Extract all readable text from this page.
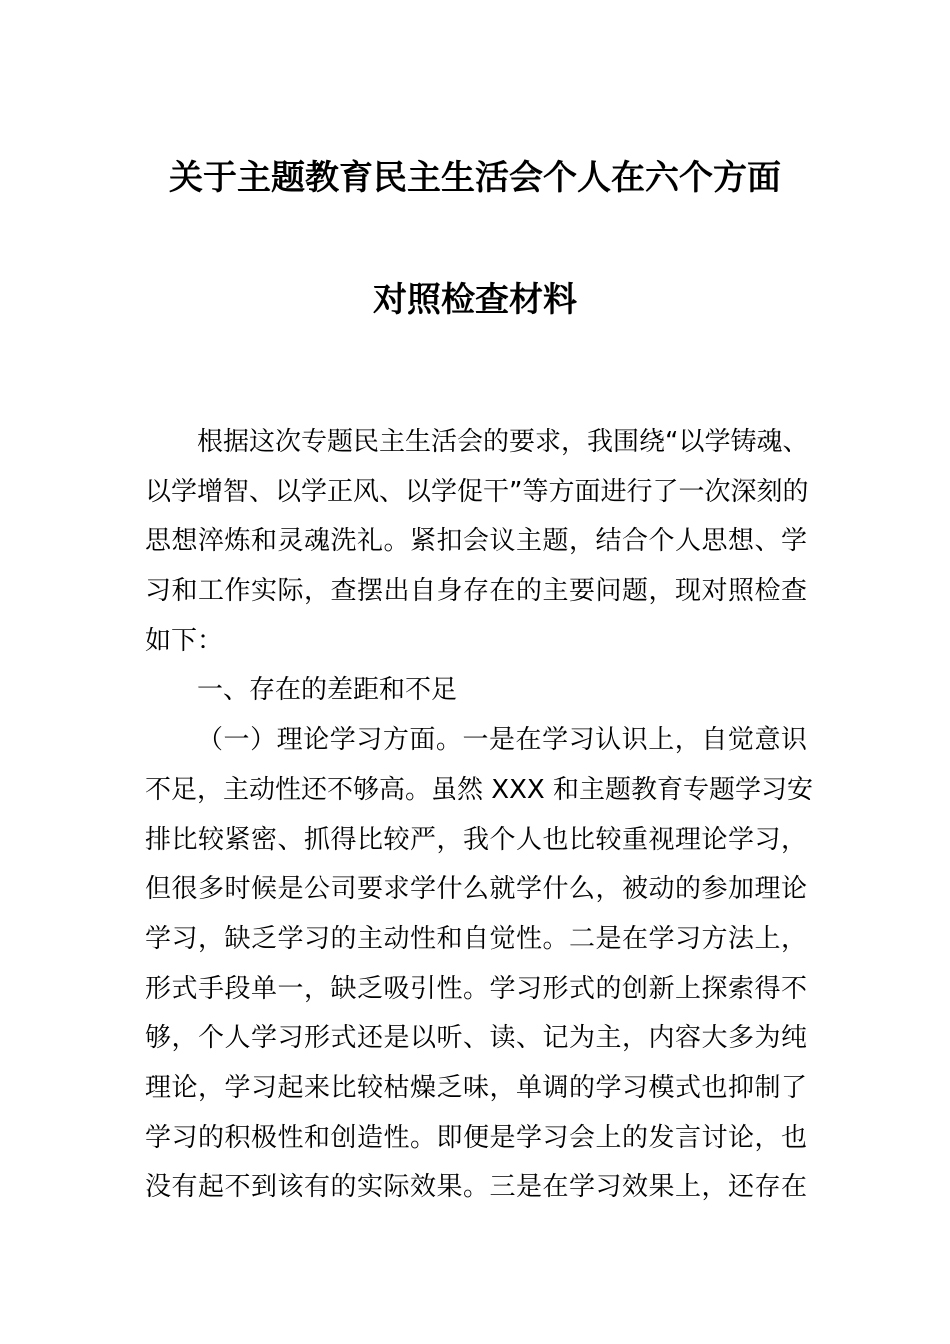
关于主题教育民主生活会个人在六个方面
对照检查材料
根据这次专题民主生活会的要求，我围绕“以学铸魂、
以学增智、以学正风、以学促干”等方面进行了一次深刻的
思想淬炼和灵魂洗礼。紧扣会议主题，结合个人思想、学
习和工作实际，查摆出自身存在的主要问题，现对照检查
如下：
一、存在的差距和不足
（一）理论学习方面。一是在学习认识上，自觉意识
不足，主动性还不够高。虽然 XXX 和主题教育专题学习安
排比较紧密、抓得比较严，我个人也比较重视理论学习，
但很多时候是公司要求学什么就学什么，被动的参加理论
学习，缺乏学习的主动性和自觉性。二是在学习方法上，
形式手段单一，缺乏吸引性。学习形式的创新上探索得不
够，个人学习形式还是以听、读、记为主，内容大多为纯
理论，学习起来比较枯燥乏味，单调的学习模式也抑制了
学习的积极性和创造性。即便是学习会上的发言讨论，也
没有起不到该有的实际效果。三是在学习效果上，还存在
